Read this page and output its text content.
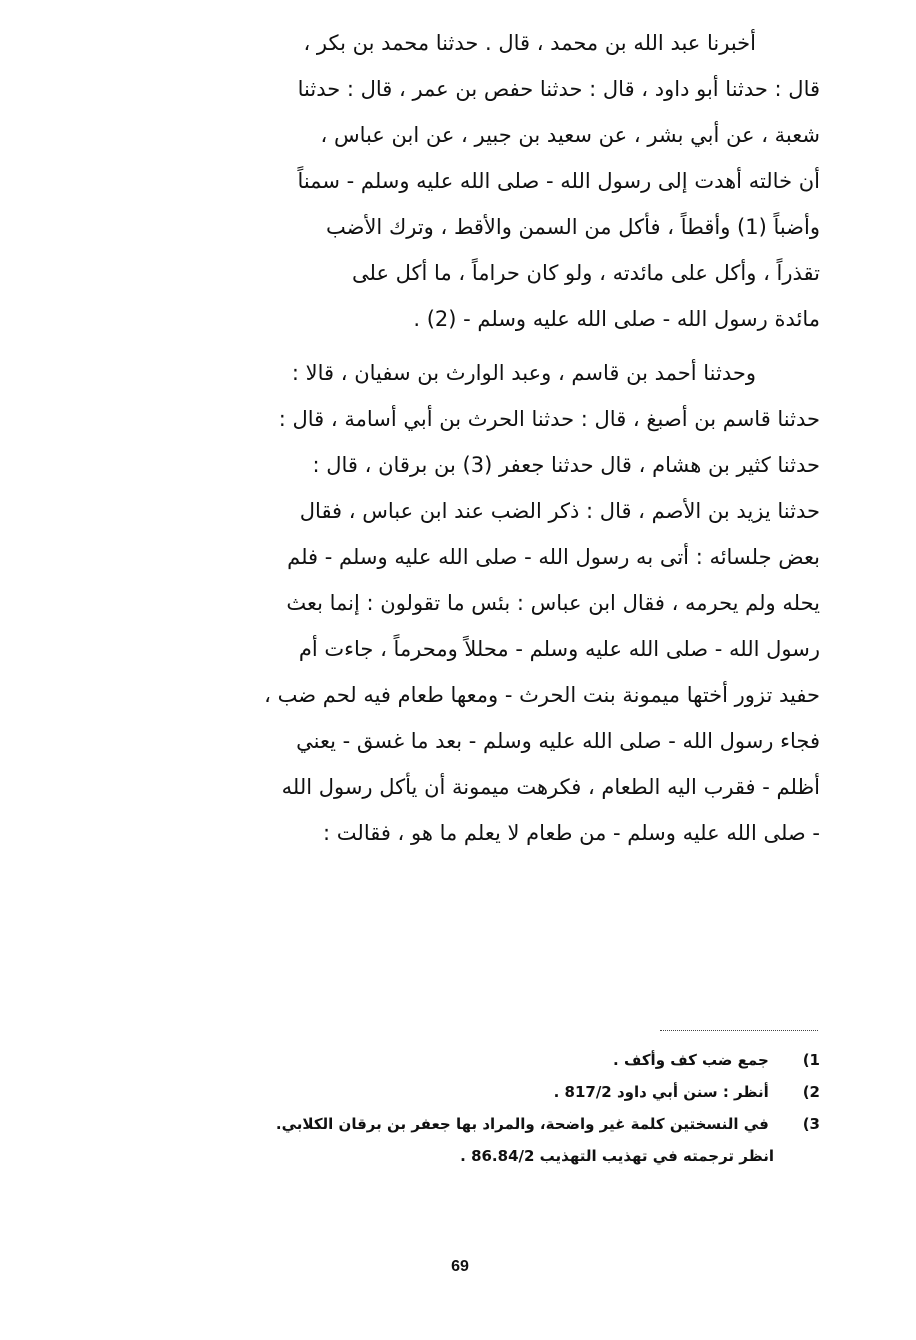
أخبرنا عبد الله بن محمد ، قال . حدثنا محمد بن بكر ،
قال : حدثنا أبو داود ، قال : حدثنا حفص بن عمر ، قال : حدثنا
شعبة ، عن أبي بشر ، عن سعيد بن جبير ، عن ابن عباس ،
أن خالته أهدت إلى رسول الله - صلى الله عليه وسلم - سمناً
وأضباً (1) وأقطاً ، فأكل من السمن والأقط ، وترك الأضب
تقذراً ، وأكل على مائدته ، ولو كان حراماً ، ما أكل على
مائدة رسول الله - صلى الله عليه وسلم - (2) .
وحدثنا أحمد بن قاسم ، وعبد الوارث بن سفيان ، قالا :
حدثنا قاسم بن أصبغ ، قال : حدثنا الحرث بن أبي أسامة ، قال :
حدثنا كثير بن هشام ، قال حدثنا جعفر (3) بن برقان ، قال :
حدثنا يزيد بن الأصم ، قال : ذكر الضب عند ابن عباس ، فقال
بعض جلسائه : أتى به رسول الله - صلى الله عليه وسلم - فلم
يحله ولم يحرمه ، فقال ابن عباس : بئس ما تقولون : إنما بعث
رسول الله - صلى الله عليه وسلم - محللاً ومحرماً ، جاءت أم
حفيد تزور أختها ميمونة بنت الحرث - ومعها طعام فيه لحم ضب ،
فجاء رسول الله - صلى الله عليه وسلم - بعد ما غسق - يعني
أظلم - فقرب اليه الطعام ، فكرهت ميمونة أن يأكل رسول الله
- صلى الله عليه وسلم - من طعام لا يعلم ما هو ، فقالت :
(1 جمع ضب كف وأكف .
(2 أنظر : سنن أبي داود 817/2 .
(3 في النسختين كلمة غير واضحة، والمراد بها جعفر بن برقان الكلابي.
انظر ترجمته في تهذيب التهذيب 86.84/2 .
69
